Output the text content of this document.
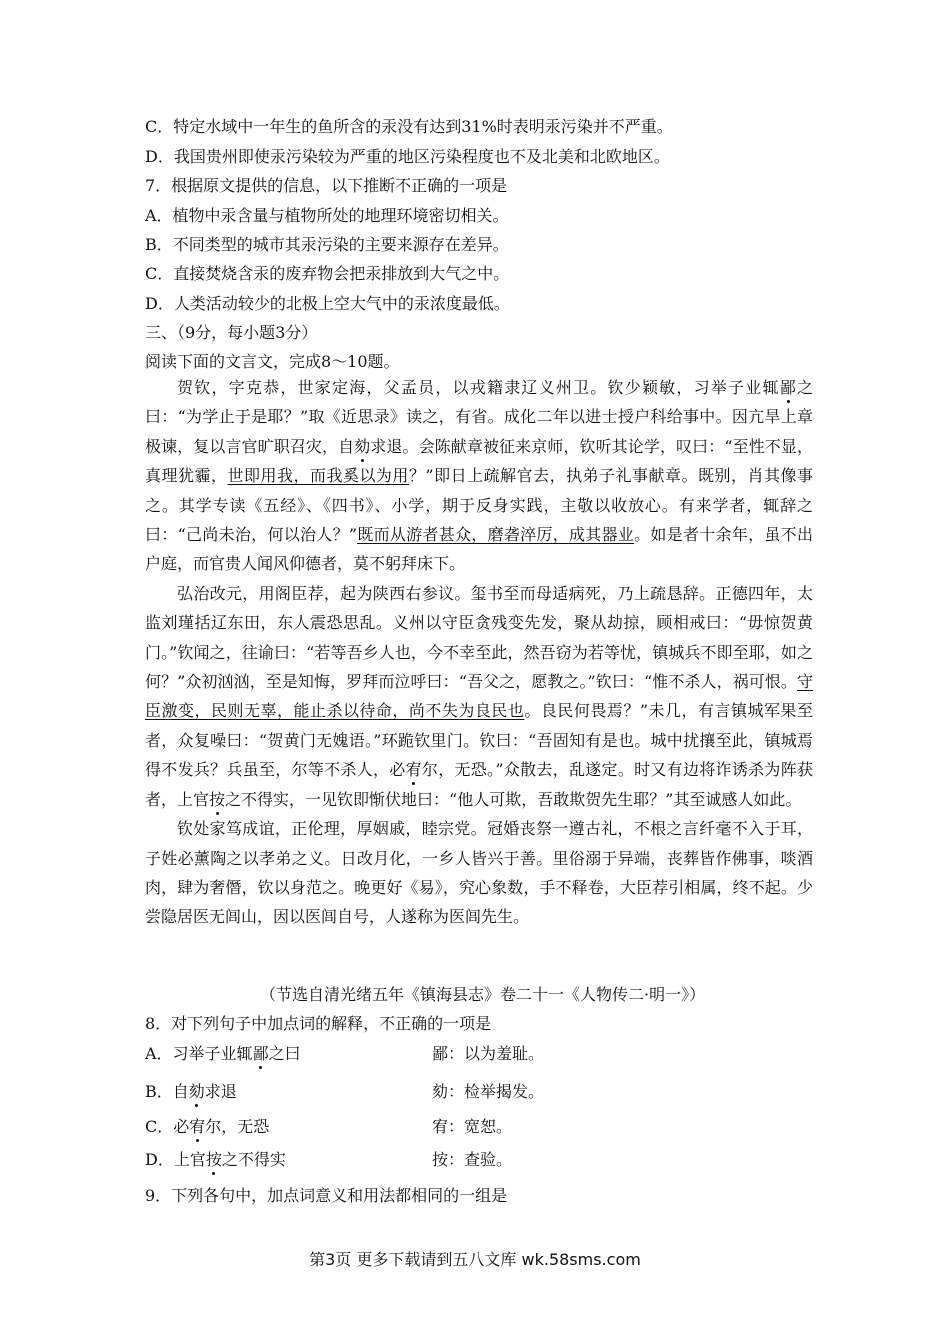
C．特定水域中一年生的鱼所含的汞没有达到31%时表明汞污染并不严重。
D．我国贵州即使汞污染较为严重的地区污染程度也不及北美和北欧地区。
7．根据原文提供的信息，以下推断不正确的一项是
A．植物中汞含量与植物所处的地理环境密切相关。
B．不同类型的城市其汞污染的主要来源存在差异。
C．直接焚烧含汞的废弃物会把汞排放到大气之中。
D．人类活动较少的北极上空大气中的汞浓度最低。
三、（9分，每小题3分）
阅读下面的文言文，完成8～10题。

贺钦，字克恭，世家定海，父孟员，以戎籍隶辽义州卫。钦少颖敏，习举子业辄鄙之曰：“为学止于是耶？”取《近思录》读之，有省。成化二年以进士授户科给事中。因亢旱上章极谏，复以言官旷职召灾，自劾求退。会陈献章被征来京师，钦听其论学，叹曰：“至性不显，真理犹霾，世即用我，而我奚以为用？”即日上疏解官去，执弟子礼事献章。既别，肖其像事之。其学专读《五经》、《四书》、小学，期于反身实践，主敬以收放心。有来学者，辄辞之曰：“己尚未治，何以治人？”既而从游者甚众，磨砻淬厉，成其器业。如是者十余年，虽不出户庭，而官贵人闻风仰德者，莫不躬拜床下。

弘治改元，用阁臣荐，起为陕西右参议。玺书至而母适病死，乃上疏恳辞。正德四年，太监刘瑾括辽东田，东人震恐思乱。义州以守臣贪残变先发，聚从劫掠，顾相戒曰：“毋惊贺黄门。”钦闻之，往谕曰：“若等吾乡人也，今不幸至此，然吾窃为若等忧，镇城兵不即至耶，如之何？”众初汹汹，至是知悔，罗拜而泣呼曰：“吾父之，愿教之。”钦曰：“惟不杀人，祸可恨。守臣激变，民则无辜，能止杀以待命，尚不失为良民也。良民何畏焉？”未几，有言镇城军果至者，众复噪曰：“贺黄门无媿语。”环跪钦里门。钦曰：“吾固知有是也。城中扰攘至此，镇城焉得不发兵？兵虽至，尔等不杀人，必宥尔，无恐。”众散去，乱遂定。时又有边将诈诱杀为阵获者，上官按之不得实，一见钦即惭伏地曰：“他人可欺，吾敢欺贺先生耶？”其至诚感人如此。

钦处家笃成谊，正伦理，厚姻戚，睦宗党。冠婚丧祭一遵古礼，不根之言纤毫不入于耳，子姓必薰陶之以孝弟之义。日改月化，一乡人皆兴于善。里俗溺于异端，丧葬皆作佛事，啖酒肉，肆为奢僭，钦以身范之。晚更好《易》，究心象数，手不释卷，大臣荐引相属，终不起。少尝隐居医无闾山，因以医闾自号，人遂称为医闾先生。

（节选自清光绪五年《镇海县志》卷二十一《人物传二·明一》）
8．对下列句子中加点词的解释，不正确的一项是
A．习举子业辄鄙之曰	鄙：以为羞耻。
B．自劾求退	劾：检举揭发。
C．必宥尔，无恐	宥：宽恕。
D．上官按之不得实	按：查验。
9．下列各句中，加点词意义和用法都相同的一组是
第3页 更多下载请到五八文库 wk.58sms.com
